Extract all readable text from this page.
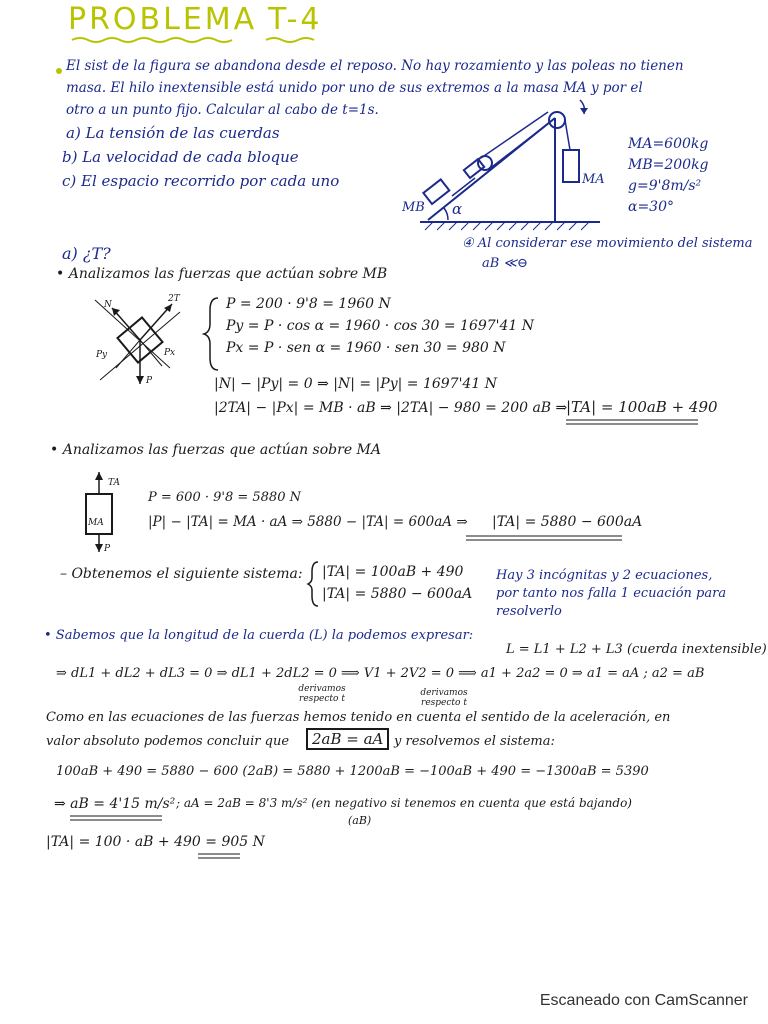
PROBLEMA T-4
El sist de la figura se abandona desde el reposo. No hay rozamiento y las poleas no tienen
masa. El hilo inextensible está unido por uno de sus extremos a la masa MA y por el
otro a un punto fijo. Calcular al cabo de t=1s.
a) La tensión de las cuerdas
b) La velocidad de cada bloque
c) El espacio recorrido por cada uno
MB
MA
α
MA=600kg
MB=200kg
g=9'8m/s²
α=30°
④ Al considerar ese movimiento del sistema
aB ≪⊖
a) ¿T?
• Analizamos las fuerzas que actúan sobre MB
N
2T
P
Px
Py
P = 200 · 9'8 = 1960 N
Py = P · cos α = 1960 · cos 30 = 1697'41 N
Px = P · sen α = 1960 · sen 30 = 980 N
|N| − |Py| = 0 ⇒ |N| = |Py| = 1697'41 N
|2TA| − |Px| = MB · aB ⇒ |2TA| − 980 = 200 aB ⇒
|TA| = 100aB + 490
• Analizamos las fuerzas que actúan sobre MA
TA
MA
P
P = 600 · 9'8 = 5880 N
|P| − |TA| = MA · aA ⇒ 5880 − |TA| = 600aA ⇒ |TA| = 5880 − 600aA
– Obtenemos el siguiente sistema: |TA| = 100aB + 490
|TA| = 5880 − 600aA
Hay 3 incógnitas y 2 ecuaciones,
por tanto nos falla 1 ecuación para
resolverlo
• Sabemos que la longitud de la cuerda (L) la podemos expresar:
L = L1 + L2 + L3 (cuerda inextensible)
⇒ dL1 + dL2 + dL3 = 0 ⇒ dL1 + 2dL2 = 0 ⟹ V1 + 2V2 = 0 ⟹ a1 + 2a2 = 0 ⇒ a1 = aA ; a2 = aB
derivamos respecto t
derivamos respecto t
Como en las ecuaciones de las fuerzas hemos tenido en cuenta el sentido de la aceleración, en
valor absoluto podemos concluir que	2aB = aA y resolvemos el sistema:
100aB + 490 = 5880 − 600 (2aB) = 5880 + 1200aB = −100aB + 490 = −1300aB = 5390
⇒ aB = 4'15 m/s² ; aA = 2aB = 8'3 m/s² (en negativo si tenemos en cuenta que está bajando)
(aB)
|TA| = 100 · aB + 490 = 905 N
Escaneado con CamScanner
